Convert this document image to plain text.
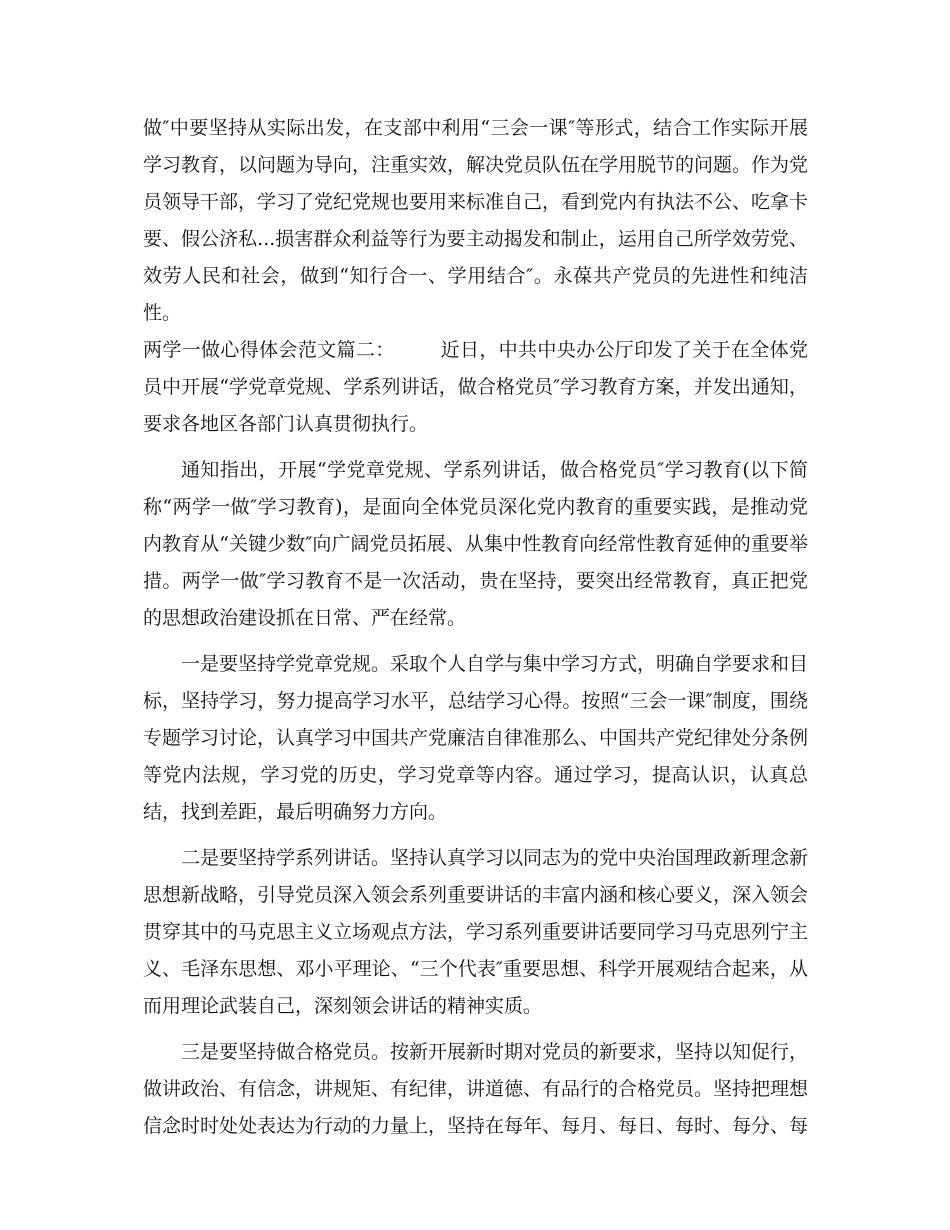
做″中要坚持从实际出发，在支部中利用“三会一课″等形式，结合工作实际开展学习教育，以问题为导向，注重实效，解决党员队伍在学用脱节的问题。作为党员领导干部，学习了党纪党规也要用来标准自己，看到党内有执法不公、吃拿卡要、假公济私...损害群众利益等行为要主动揭发和制止，运用自己所学效劳党、效劳人民和社会，做到“知行合一、学用结合″。永葆共产党员的先进性和纯洁性。

两学一做心得体会范文篇二： 近日，中共中央办公厅印发了关于在全体党员中开展“学党章党规、学系列讲话，做合格党员″学习教育方案，并发出通知，要求各地区各部门认真贯彻执行。

通知指出，开展“学党章党规、学系列讲话，做合格党员″学习教育(以下简称“两学一做″学习教育)，是面向全体党员深化党内教育的重要实践，是推动党内教育从“关键少数″向广阔党员拓展、从集中性教育向经常性教育延伸的重要举措。两学一做″学习教育不是一次活动，贵在坚持，要突出经常教育，真正把党的思想政治建设抓在日常、严在经常。

一是要坚持学党章党规。采取个人自学与集中学习方式，明确自学要求和目标，坚持学习，努力提高学习水平，总结学习心得。按照“三会一课″制度，围绕专题学习讨论，认真学习中国共产党廉洁自律准那么、中国共产党纪律处分条例等党内法规，学习党的历史，学习党章等内容。通过学习，提高认识，认真总结，找到差距，最后明确努力方向。

二是要坚持学系列讲话。坚持认真学习以同志为的党中央治国理政新理念新思想新战略，引导党员深入领会系列重要讲话的丰富内涵和核心要义，深入领会贯穿其中的马克思主义立场观点方法，学习系列重要讲话要同学习马克思列宁主义、毛泽东思想、邓小平理论、“三个代表″重要思想、科学开展观结合起来，从而用理论武装自己，深刻领会讲话的精神实质。

三是要坚持做合格党员。按新开展新时期对党员的新要求，坚持以知促行，做讲政治、有信念，讲规矩、有纪律，讲道德、有品行的合格党员。坚持把理想信念时时处处表达为行动的力量上，坚持在每年、每月、每日、每时、每分、每
